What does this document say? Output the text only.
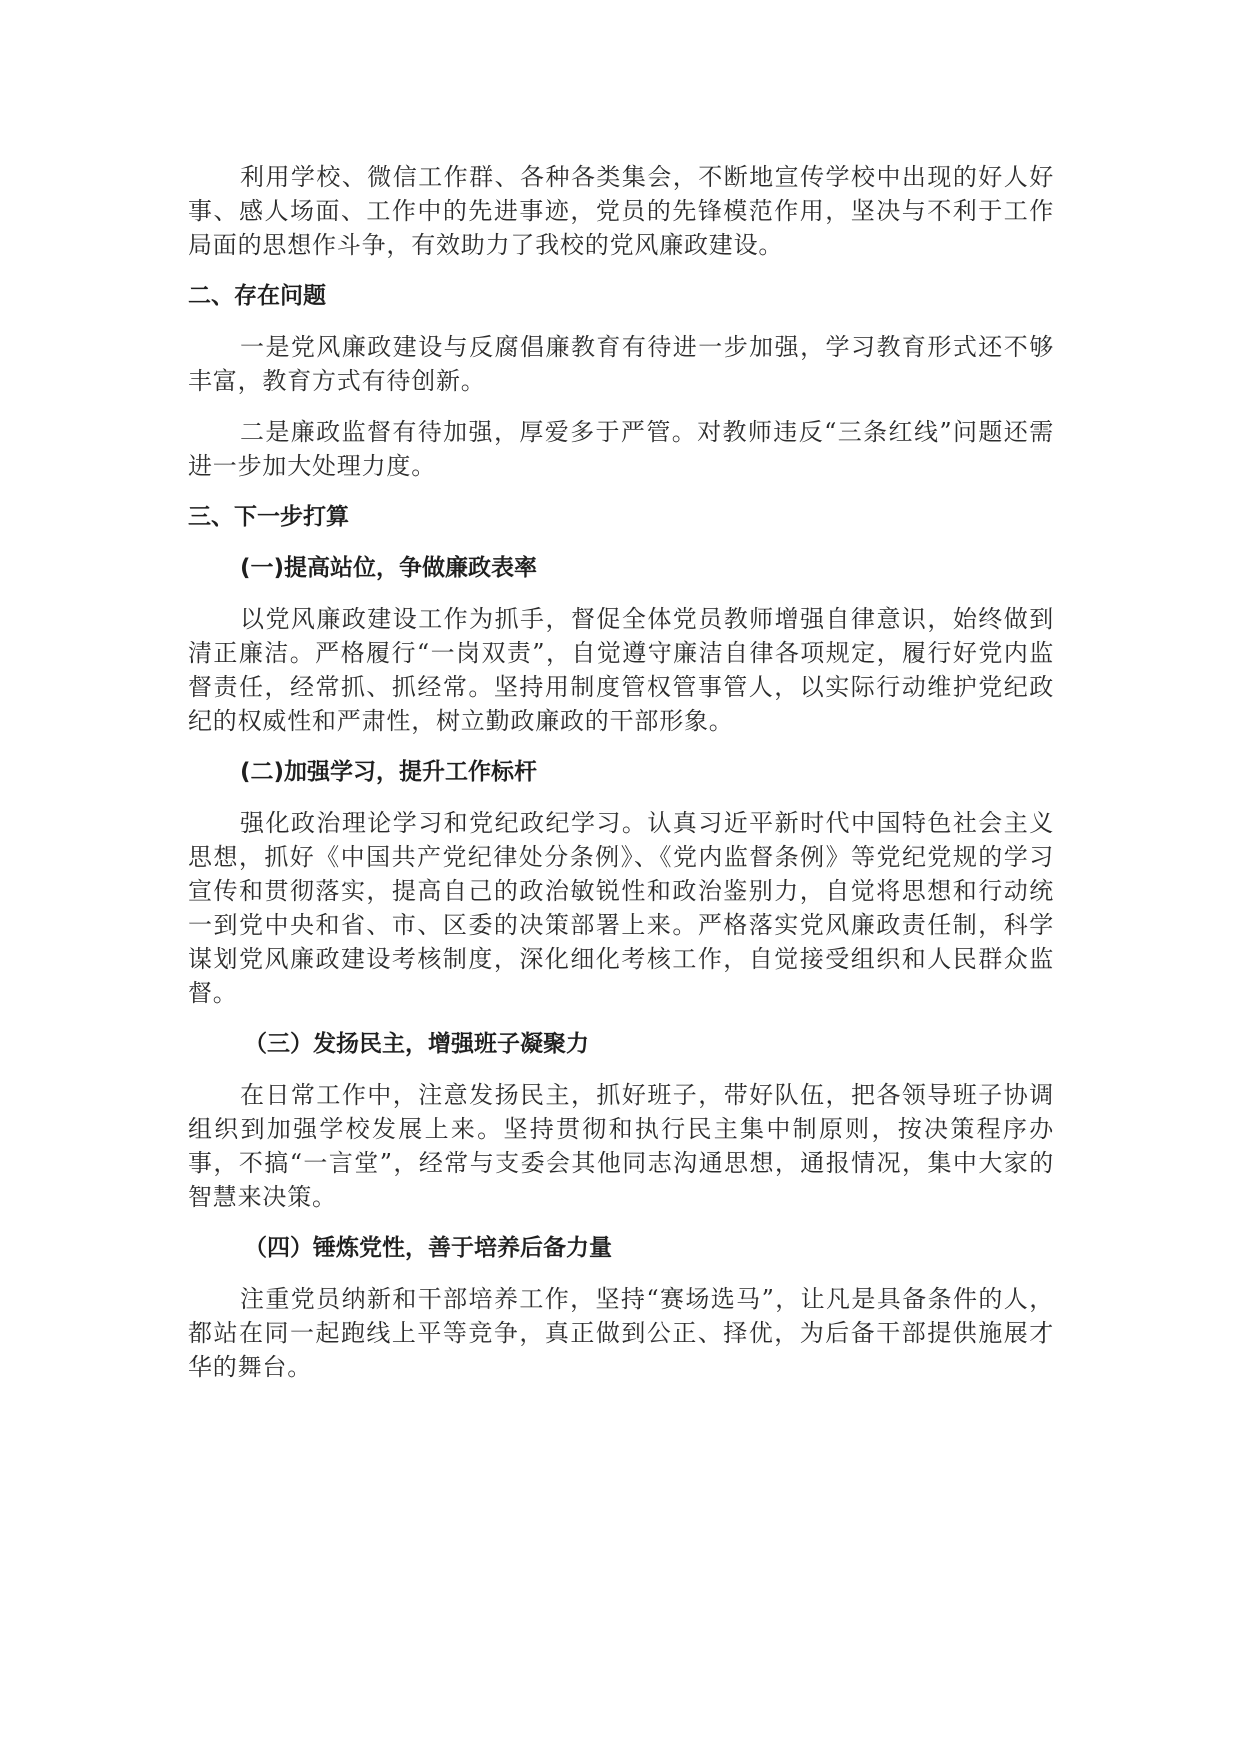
利用学校、微信工作群、各种各类集会，不断地宣传学校中出现的好人好事、感人场面、工作中的先进事迹，党员的先锋模范作用，坚决与不利于工作局面的思想作斗争，有效助力了我校的党风廉政建设。

二、存在问题

一是党风廉政建设与反腐倡廉教育有待进一步加强，学习教育形式还不够丰富，教育方式有待创新。

二是廉政监督有待加强，厚爱多于严管。对教师违反“三条红线”问题还需进一步加大处理力度。

三、下一步打算
(一)提高站位，争做廉政表率

以党风廉政建设工作为抓手，督促全体党员教师增强自律意识，始终做到清正廉洁。严格履行“一岗双责”，自觉遵守廉洁自律各项规定，履行好党内监督责任，经常抓、抓经常。坚持用制度管权管事管人，以实际行动维护党纪政纪的权威性和严肃性，树立勤政廉政的干部形象。

(二)加强学习，提升工作标杆

强化政治理论学习和党纪政纪学习。认真习近平新时代中国特色社会主义思想，抓好《中国共产党纪律处分条例》、《党内监督条例》等党纪党规的学习宣传和贯彻落实，提高自己的政治敏锐性和政治鉴别力，自觉将思想和行动统一到党中央和省、市、区委的决策部署上来。严格落实党风廉政责任制，科学谋划党风廉政建设考核制度，深化细化考核工作，自觉接受组织和人民群众监督。

（三）发扬民主，增强班子凝聚力

在日常工作中，注意发扬民主，抓好班子，带好队伍，把各领导班子协调组织到加强学校发展上来。坚持贯彻和执行民主集中制原则，按决策程序办事，不搞“一言堂”，经常与支委会其他同志沟通思想，通报情况，集中大家的智慧来决策。

（四）锤炼党性，善于培养后备力量

注重党员纳新和干部培养工作，坚持“赛场选马”，让凡是具备条件的人，都站在同一起跑线上平等竞争，真正做到公正、择优，为后备干部提供施展才华的舞台。
